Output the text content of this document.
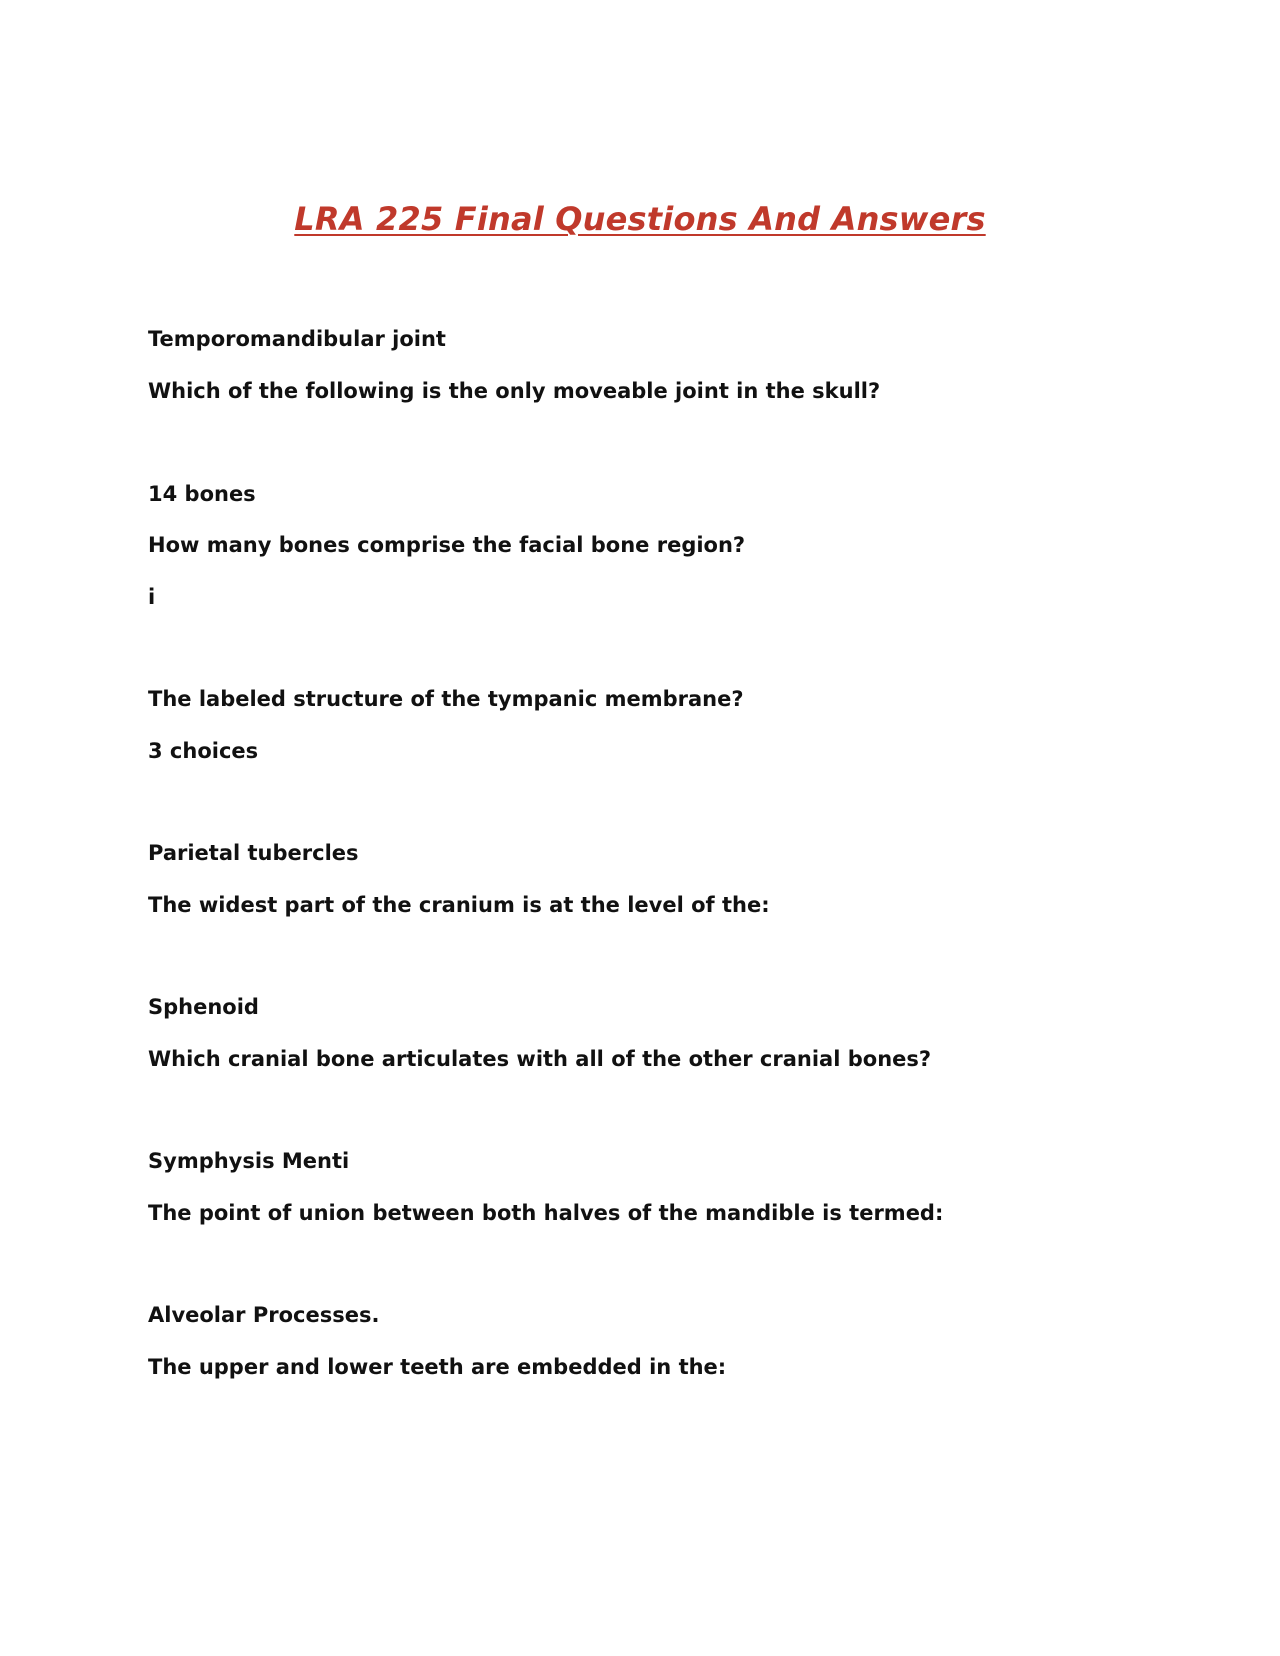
LRA 225 Final Questions And Answers

Temporomandibular joint

Which of the following is the only moveable joint in the skull?

14 bones

How many bones comprise the facial bone region?

i

The labeled structure of the tympanic membrane?

3 choices

Parietal tubercles

The widest part of the cranium is at the level of the:

Sphenoid

Which cranial bone articulates with all of the other cranial bones?

Symphysis Menti

The point of union between both halves of the mandible is termed:

Alveolar Processes.

The upper and lower teeth are embedded in the:
